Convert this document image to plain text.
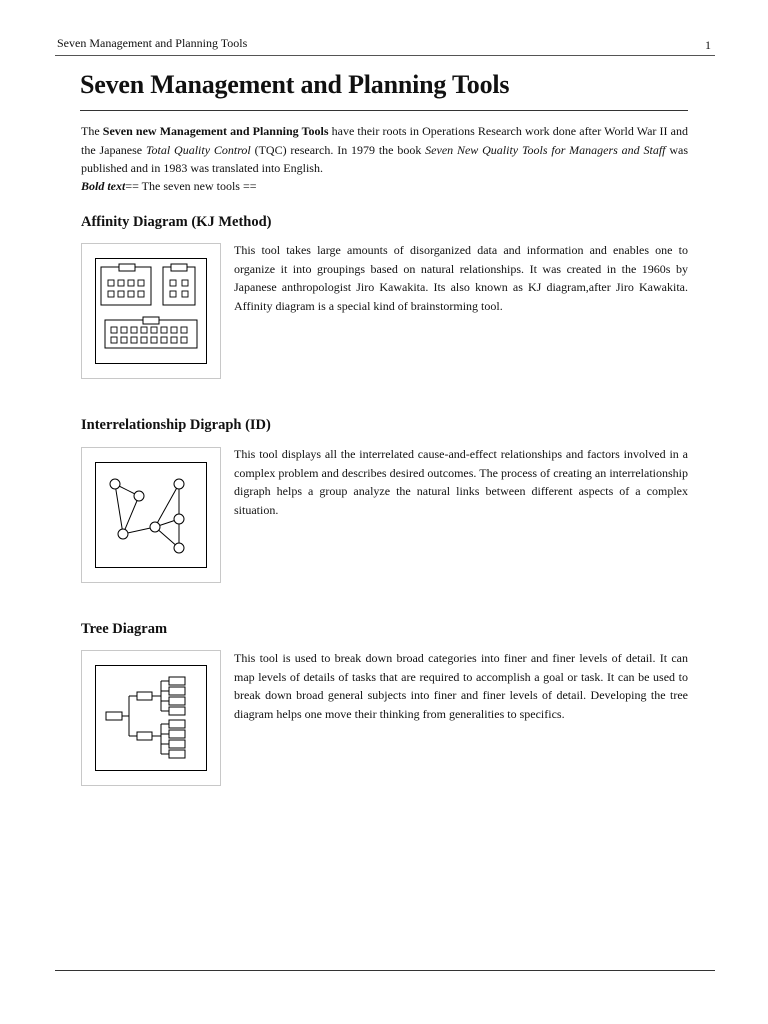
Seven Management and Planning Tools	1
Seven Management and Planning Tools

The Seven new Management and Planning Tools have their roots in Operations Research work done after World War II and the Japanese Total Quality Control (TQC) research. In 1979 the book Seven New Quality Tools for Managers and Staff was published and in 1983 was translated into English.

Bold text== The seven new tools ==
Affinity Diagram (KJ Method)

This tool takes large amounts of disorganized data and information and enables one to organize it into groupings based on natural relationships. It was created in the 1960s by Japanese anthropologist Jiro Kawakita. Its also known as KJ diagram,after Jiro Kawakita. Affinity diagram is a special kind of brainstorming tool.

Interrelationship Digraph (ID)

This tool displays all the interrelated cause-and-effect relationships and factors involved in a complex problem and describes desired outcomes. The process of creating an interrelationship digraph helps a group analyze the natural links between different aspects of a complex situation.

Tree Diagram

This tool is used to break down broad categories into finer and finer levels of detail. It can map levels of details of tasks that are required to accomplish a goal or task. It can be used to break down broad general subjects into finer and finer levels of detail. Developing the tree diagram helps one move their thinking from generalities to specifics.
